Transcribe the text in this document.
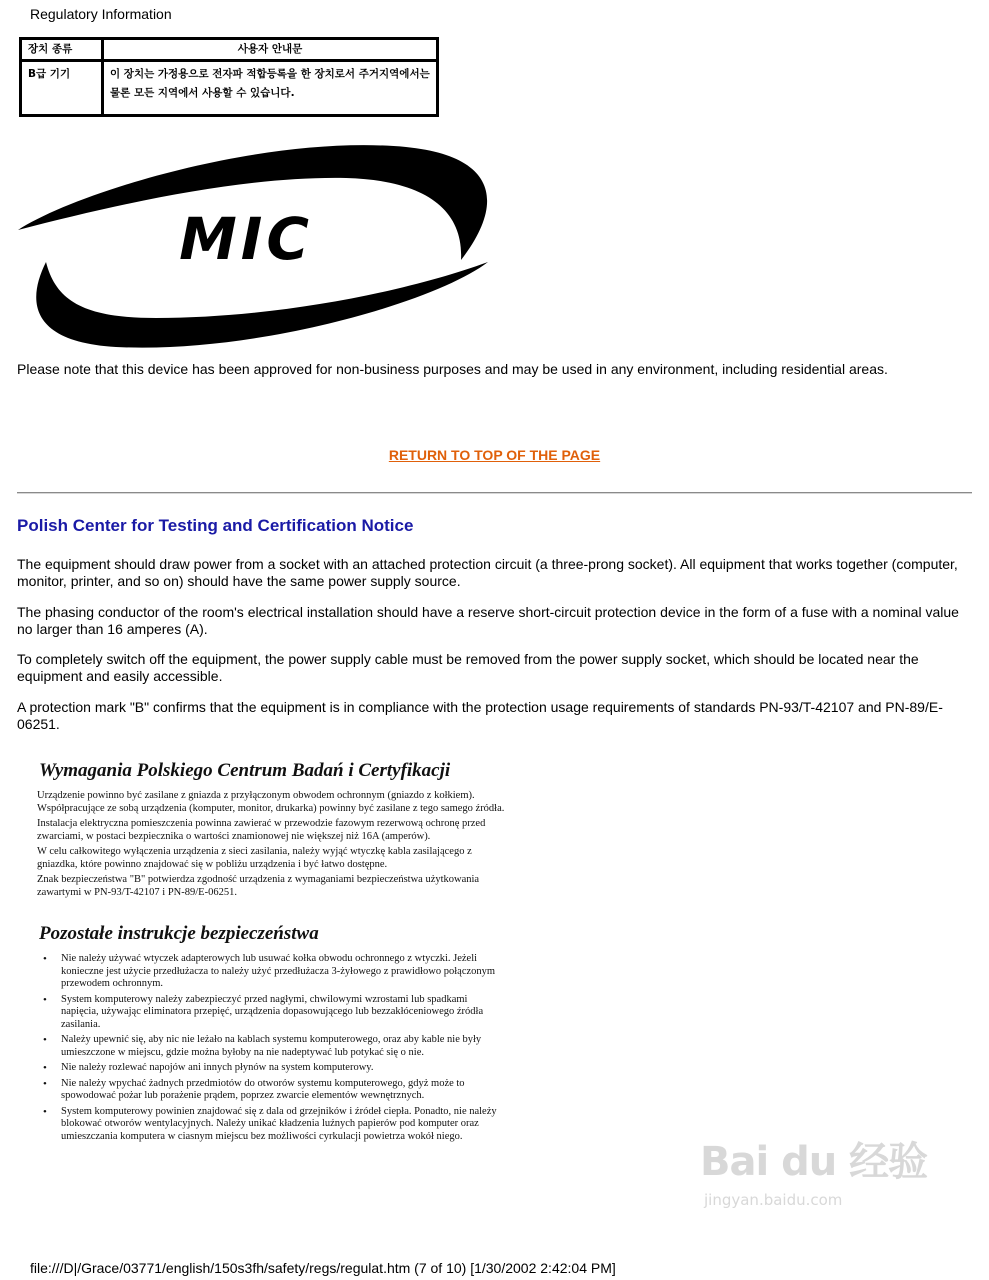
Regulatory Information
장치 종류	사용자 안내문
B급 기기	이 장치는 가정용으로 전자파 적합등록을 한 장치로서 주거지역에서는 물론 모든 지역에서 사용할 수 있습니다.
MIC

Please note that this device has been approved for non-business purposes and may be used in any environment, including residential areas.

RETURN TO TOP OF THE PAGE
Polish Center for Testing and Certification Notice

The equipment should draw power from a socket with an attached protection circuit (a three-prong socket). All equipment that works together (computer, monitor, printer, and so on) should have the same power supply source.

The phasing conductor of the room's electrical installation should have a reserve short-circuit protection device in the form of a fuse with a nominal value no larger than 16 amperes (A).

To completely switch off the equipment, the power supply cable must be removed from the power supply socket, which should be located near the equipment and easily accessible.

A protection mark "B" confirms that the equipment is in compliance with the protection usage requirements of standards PN-93/T-42107 and PN-89/E-06251.

Wymagania Polskiego Centrum Badań i Certyfikacji

Urządzenie powinno być zasilane z gniazda z przyłączonym obwodem ochronnym (gniazdo z kołkiem). Współpracujące ze sobą urządzenia (komputer, monitor, drukarka) powinny być zasilane z tego samego źródła.

Instalacja elektryczna pomieszczenia powinna zawierać w przewodzie fazowym rezerwową ochronę przed zwarciami, w postaci bezpiecznika o wartości znamionowej nie większej niż 16A (amperów).

W celu całkowitego wyłączenia urządzenia z sieci zasilania, należy wyjąć wtyczkę kabla zasilającego z gniazdka, które powinno znajdować się w pobliżu urządzenia i być łatwo dostępne.

Znak bezpieczeństwa "B" potwierdza zgodność urządzenia z wymaganiami bezpieczeństwa użytkowania zawartymi w PN-93/T-42107 i PN-89/E-06251.

Pozostałe instrukcje bezpieczeństwa
• Nie należy używać wtyczek adapterowych lub usuwać kołka obwodu ochronnego z wtyczki. Jeżeli konieczne jest użycie przedłużacza to należy użyć przedłużacza 3-żyłowego z prawidłowo połączonym przewodem ochronnym.
• System komputerowy należy zabezpieczyć przed nagłymi, chwilowymi wzrostami lub spadkami napięcia, używając eliminatora przepięć, urządzenia dopasowującego lub bezzakłóceniowego źródła zasilania.
• Należy upewnić się, aby nic nie leżało na kablach systemu komputerowego, oraz aby kable nie były umieszczone w miejscu, gdzie można byłoby na nie nadeptywać lub potykać się o nie.
• Nie należy rozlewać napojów ani innych płynów na system komputerowy.
• Nie należy wpychać żadnych przedmiotów do otworów systemu komputerowego, gdyż może to spowodować pożar lub porażenie prądem, poprzez zwarcie elementów wewnętrznych.
• System komputerowy powinien znajdować się z dala od grzejników i źródeł ciepła. Ponadto, nie należy blokować otworów wentylacyjnych. Należy unikać kładzenia luźnych papierów pod komputer oraz umieszczania komputera w ciasnym miejscu bez możliwości cyrkulacji powietrza wokół niego.
Bai du 经验
jingyan.baidu.com
file:///D|/Grace/03771/english/150s3fh/safety/regs/regulat.htm (7 of 10) [1/30/2002 2:42:04 PM]
